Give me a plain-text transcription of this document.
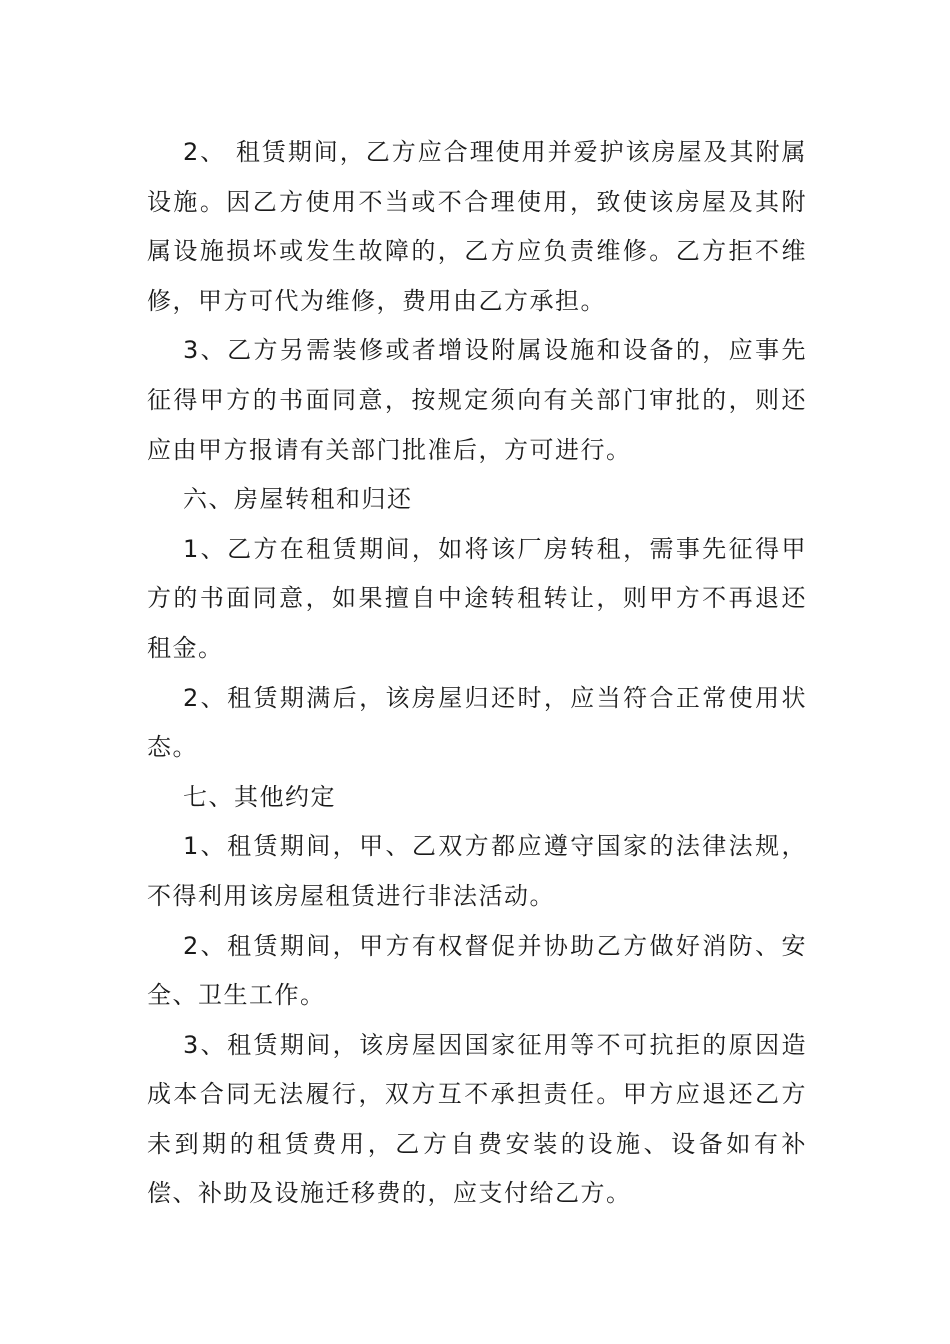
2、 租赁期间，乙方应合理使用并爱护该房屋及其附属设施。因乙方使用不当或不合理使用，致使该房屋及其附属设施损坏或发生故障的，乙方应负责维修。乙方拒不维修，甲方可代为维修，费用由乙方承担。

3、乙方另需装修或者增设附属设施和设备的，应事先征得甲方的书面同意，按规定须向有关部门审批的，则还应由甲方报请有关部门批准后，方可进行。

六、房屋转租和归还

1、乙方在租赁期间，如将该厂房转租，需事先征得甲方的书面同意，如果擅自中途转租转让，则甲方不再退还租金。

2、租赁期满后，该房屋归还时，应当符合正常使用状态。

七、其他约定

1、租赁期间，甲、乙双方都应遵守国家的法律法规，不得利用该房屋租赁进行非法活动。

2、租赁期间，甲方有权督促并协助乙方做好消防、安全、卫生工作。

3、租赁期间，该房屋因国家征用等不可抗拒的原因造成本合同无法履行，双方互不承担责任。甲方应退还乙方未到期的租赁费用，乙方自费安装的设施、设备如有补偿、补助及设施迁移费的，应支付给乙方。
